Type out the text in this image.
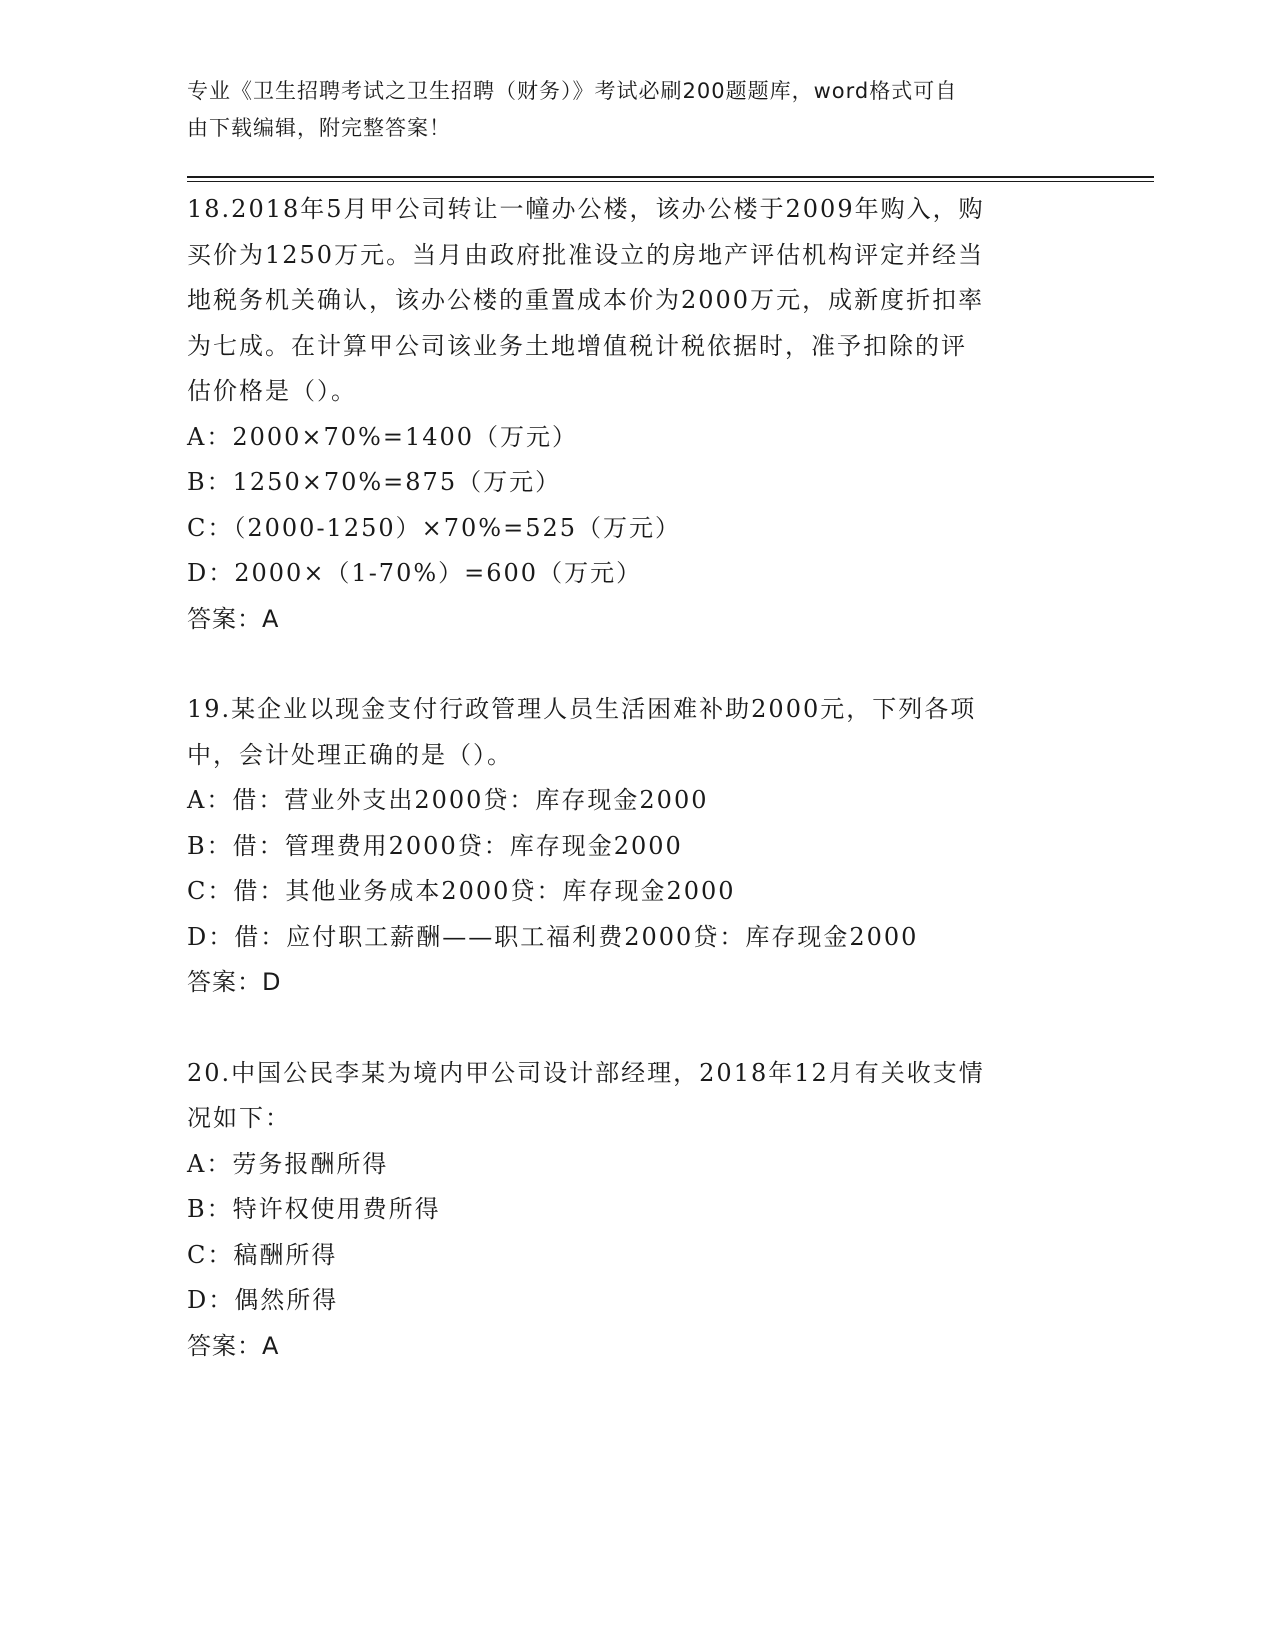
专业《卫生招聘考试之卫生招聘（财务）》考试必刷200题题库，word格式可自
由下载编辑，附完整答案！

18.2018年5月甲公司转让一幢办公楼，该办公楼于2009年购入，购

买价为1250万元。当月由政府批准设立的房地产评估机构评定并经当

地税务机关确认，该办公楼的重置成本价为2000万元，成新度折扣率

为七成。在计算甲公司该业务土地增值税计税依据时，准予扣除的评

估价格是（）。

A：2000×70%=1400（万元）

B：1250×70%=875（万元）

C：（2000-1250）×70%=525（万元）

D：2000×（1-70%）=600（万元）

答案：A

19.某企业以现金支付行政管理人员生活困难补助2000元，下列各项

中，会计处理正确的是（）。

A：借：营业外支出2000贷：库存现金2000

B：借：管理费用2000贷：库存现金2000

C：借：其他业务成本2000贷：库存现金2000

D：借：应付职工薪酬——职工福利费2000贷：库存现金2000

答案：D

20.中国公民李某为境内甲公司设计部经理，2018年12月有关收支情

况如下：

A：劳务报酬所得

B：特许权使用费所得

C：稿酬所得

D：偶然所得

答案：A
